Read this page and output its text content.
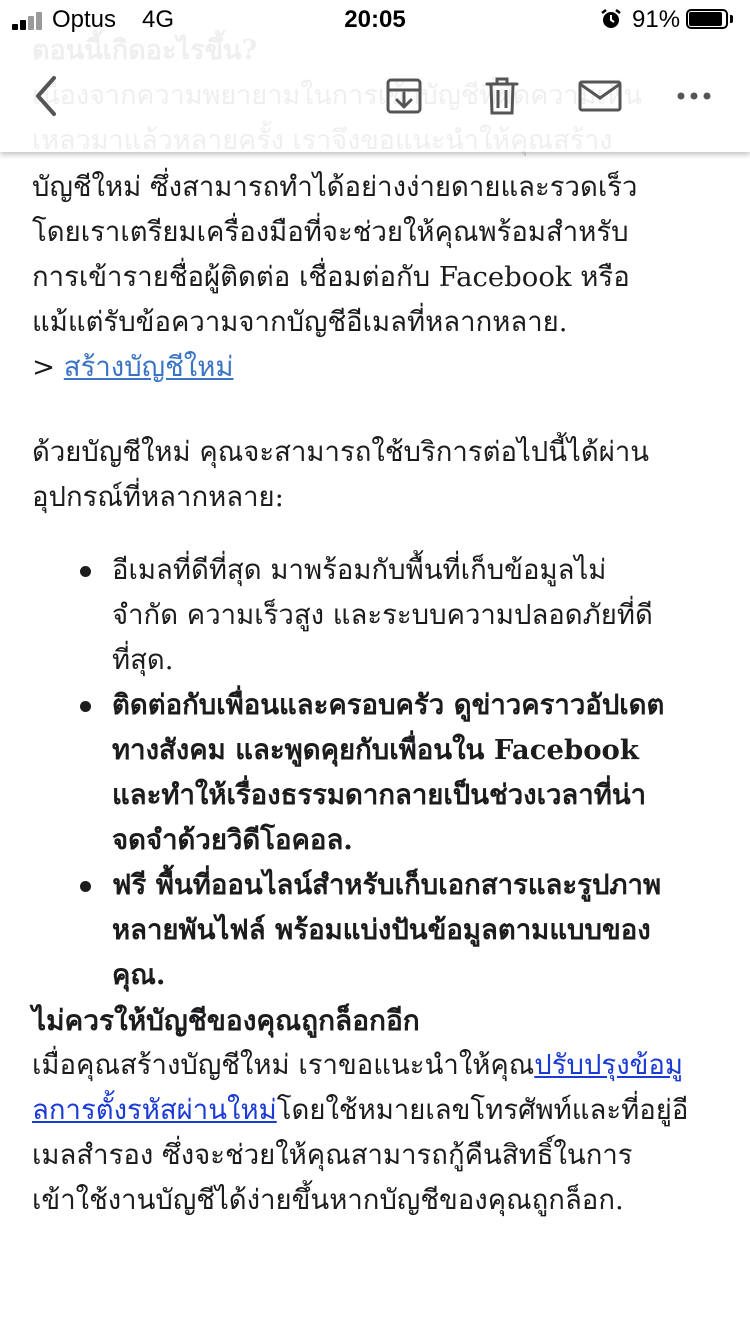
Optus 4G	20:05	91%

บัญชีใหม่ ซึ่งสามารถทำได้อย่างง่ายดายและรวดเร็ว

โดยเราเตรียมเครื่องมือที่จะช่วยให้คุณพร้อมสำหรับ

การเข้ารายชื่อผู้ติดต่อ เชื่อมต่อกับ Facebook หรือ

แม้แต่รับข้อความจากบัญชีอีเมลที่หลากหลาย.

> สร้างบัญชีใหม่

ด้วยบัญชีใหม่ คุณจะสามารถใช้บริการต่อไปนี้ได้ผ่าน

อุปกรณ์ที่หลากหลาย:

อีเมลที่ดีที่สุด มาพร้อมกับพื้นที่เก็บข้อมูลไม่
จำกัด ความเร็วสูง และระบบความปลอดภัยที่ดี
ที่สุด.
ติดต่อกับเพื่อนและครอบครัว ดูข่าวคราวอัปเดต
ทางสังคม และพูดคุยกับเพื่อนใน Facebook
และทำให้เรื่องธรรมดากลายเป็นช่วงเวลาที่น่า
จดจำด้วยวิดีโอคอล.
ฟรี พื้นที่ออนไลน์สำหรับเก็บเอกสารและรูปภาพ
หลายพันไฟล์ พร้อมแบ่งปันข้อมูลตามแบบของ
คุณ.

ไม่ควรให้บัญชีของคุณถูกล็อกอีก

เมื่อคุณสร้างบัญชีใหม่ เราขอแนะนำให้คุณปรับปรุงข้อมู

ลการตั้งรหัสผ่านใหม่โดยใช้หมายเลขโทรศัพท์และที่อยู่อี

เมลสำรอง ซึ่งจะช่วยให้คุณสามารถกู้คืนสิทธิ์ในการ

เข้าใช้งานบัญชีได้ง่ายขึ้นหากบัญชีของคุณถูกล็อก.
